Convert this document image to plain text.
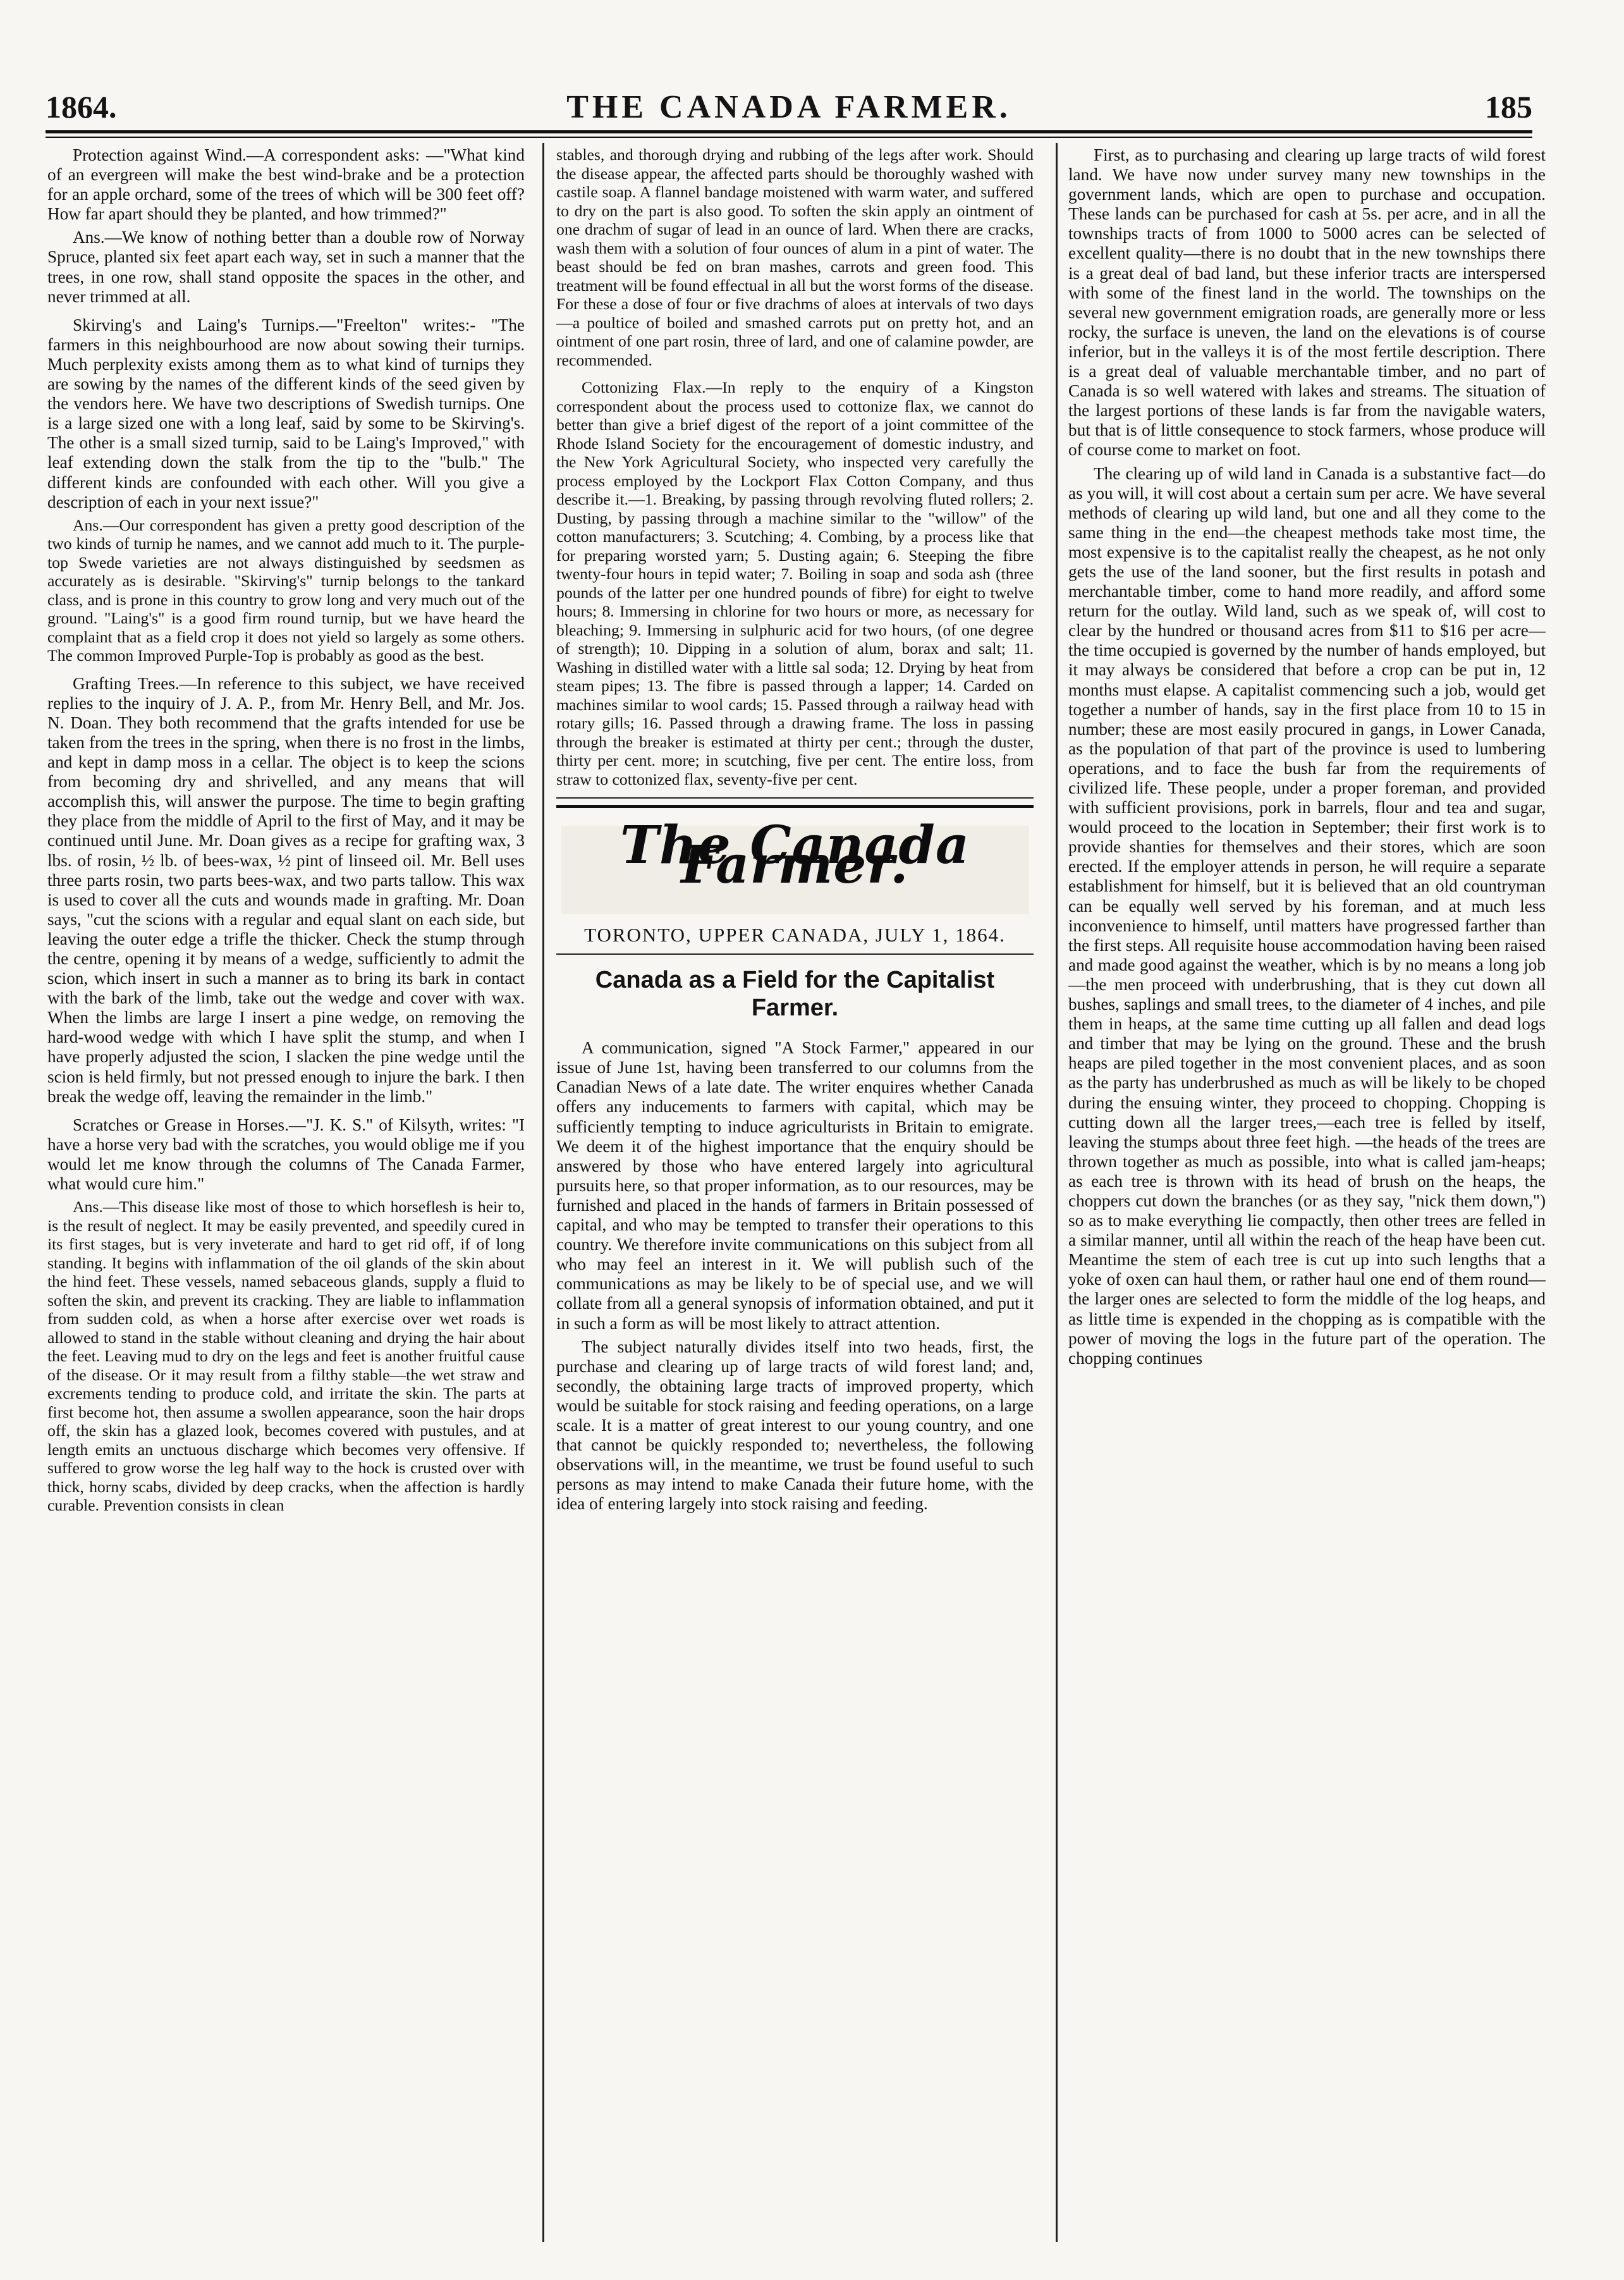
1864.	THE CANADA FARMER.	185

Protection against Wind.—A correspondent asks: —"What kind of an evergreen will make the best wind-brake and be a protection for an apple orchard, some of the trees of which will be 300 feet off? How far apart should they be planted, and how trimmed?"

Ans.—We know of nothing better than a double row of Norway Spruce, planted six feet apart each way, set in such a manner that the trees, in one row, shall stand opposite the spaces in the other, and never trimmed at all.

Skirving's and Laing's Turnips.—"Freelton" writes:- "The farmers in this neighbourhood are now about sowing their turnips. Much perplexity exists among them as to what kind of turnips they are sowing by the names of the different kinds of the seed given by the vendors here. We have two descriptions of Swedish turnips. One is a large sized one with a long leaf, said by some to be Skirving's. The other is a small sized turnip, said to be Laing's Improved," with leaf extending down the stalk from the tip to the "bulb." The different kinds are confounded with each other. Will you give a description of each in your next issue?"

Ans.—Our correspondent has given a pretty good description of the two kinds of turnip he names, and we cannot add much to it. The purple-top Swede varieties are not always distinguished by seedsmen as accurately as is desirable. "Skirving's" turnip belongs to the tankard class, and is prone in this country to grow long and very much out of the ground. "Laing's" is a good firm round turnip, but we have heard the complaint that as a field crop it does not yield so largely as some others. The common Improved Purple-Top is probably as good as the best.

Grafting Trees.—In reference to this subject, we have received replies to the inquiry of J. A. P., from Mr. Henry Bell, and Mr. Jos. N. Doan. They both recommend that the grafts intended for use be taken from the trees in the spring, when there is no frost in the limbs, and kept in damp moss in a cellar. The object is to keep the scions from becoming dry and shrivelled, and any means that will accomplish this, will answer the purpose. The time to begin grafting they place from the middle of April to the first of May, and it may be continued until June. Mr. Doan gives as a recipe for grafting wax, 3 lbs. of rosin, ½ lb. of bees-wax, ½ pint of linseed oil. Mr. Bell uses three parts rosin, two parts bees-wax, and two parts tallow. This wax is used to cover all the cuts and wounds made in grafting. Mr. Doan says, "cut the scions with a regular and equal slant on each side, but leaving the outer edge a trifle the thicker. Check the stump through the centre, opening it by means of a wedge, sufficiently to admit the scion, which insert in such a manner as to bring its bark in contact with the bark of the limb, take out the wedge and cover with wax. When the limbs are large I insert a pine wedge, on removing the hard-wood wedge with which I have split the stump, and when I have properly adjusted the scion, I slacken the pine wedge until the scion is held firmly, but not pressed enough to injure the bark. I then break the wedge off, leaving the remainder in the limb."

Scratches or Grease in Horses.—"J. K. S." of Kilsyth, writes: "I have a horse very bad with the scratches, you would oblige me if you would let me know through the columns of The Canada Farmer, what would cure him."

Ans.—This disease like most of those to which horseflesh is heir to, is the result of neglect. It may be easily prevented, and speedily cured in its first stages, but is very inveterate and hard to get rid off, if of long standing. It begins with inflammation of the oil glands of the skin about the hind feet. These vessels, named sebaceous glands, supply a fluid to soften the skin, and prevent its cracking. They are liable to inflammation from sudden cold, as when a horse after exercise over wet roads is allowed to stand in the stable without cleaning and drying the hair about the feet. Leaving mud to dry on the legs and feet is another fruitful cause of the disease. Or it may result from a filthy stable—the wet straw and excrements tending to produce cold, and irritate the skin. The parts at first become hot, then assume a swollen appearance, soon the hair drops off, the skin has a glazed look, becomes covered with pustules, and at length emits an unctuous discharge which becomes very offensive. If suffered to grow worse the leg half way to the hock is crusted over with thick, horny scabs, divided by deep cracks, when the affection is hardly curable. Prevention consists in clean

stables, and thorough drying and rubbing of the legs after work. Should the disease appear, the affected parts should be thoroughly washed with castile soap. A flannel bandage moistened with warm water, and suffered to dry on the part is also good. To soften the skin apply an ointment of one drachm of sugar of lead in an ounce of lard. When there are cracks, wash them with a solution of four ounces of alum in a pint of water. The beast should be fed on bran mashes, carrots and green food. This treatment will be found effectual in all but the worst forms of the disease. For these a dose of four or five drachms of aloes at intervals of two days—a poultice of boiled and smashed carrots put on pretty hot, and an ointment of one part rosin, three of lard, and one of calamine powder, are recommended.

Cottonizing Flax.—In reply to the enquiry of a Kingston correspondent about the process used to cottonize flax, we cannot do better than give a brief digest of the report of a joint committee of the Rhode Island Society for the encouragement of domestic industry, and the New York Agricultural Society, who inspected very carefully the process employed by the Lockport Flax Cotton Company, and thus describe it.—1. Breaking, by passing through revolving fluted rollers; 2. Dusting, by passing through a machine similar to the "willow" of the cotton manufacturers; 3. Scutching; 4. Combing, by a process like that for preparing worsted yarn; 5. Dusting again; 6. Steeping the fibre twenty-four hours in tepid water; 7. Boiling in soap and soda ash (three pounds of the latter per one hundred pounds of fibre) for eight to twelve hours; 8. Immersing in chlorine for two hours or more, as necessary for bleaching; 9. Immersing in sulphuric acid for two hours, (of one degree of strength); 10. Dipping in a solution of alum, borax and salt; 11. Washing in distilled water with a little sal soda; 12. Drying by heat from steam pipes; 13. The fibre is passed through a lapper; 14. Carded on machines similar to wool cards; 15. Passed through a railway head with rotary gills; 16. Passed through a drawing frame. The loss in passing through the breaker is estimated at thirty per cent.; through the duster, thirty per cent. more; in scutching, five per cent. The entire loss, from straw to cottonized flax, seventy-five per cent.

The Canada Farmer.
TORONTO, UPPER CANADA, JULY 1, 1864.
Canada as a Field for the Capitalist Farmer.

A communication, signed "A Stock Farmer," appeared in our issue of June 1st, having been transferred to our columns from the Canadian News of a late date. The writer enquires whether Canada offers any inducements to farmers with capital, which may be sufficiently tempting to induce agriculturists in Britain to emigrate. We deem it of the highest importance that the enquiry should be answered by those who have entered largely into agricultural pursuits here, so that proper information, as to our resources, may be furnished and placed in the hands of farmers in Britain possessed of capital, and who may be tempted to transfer their operations to this country. We therefore invite communications on this subject from all who may feel an interest in it. We will publish such of the communications as may be likely to be of special use, and we will collate from all a general synopsis of information obtained, and put it in such a form as will be most likely to attract attention.

The subject naturally divides itself into two heads, first, the purchase and clearing up of large tracts of wild forest land; and, secondly, the obtaining large tracts of improved property, which would be suitable for stock raising and feeding operations, on a large scale. It is a matter of great interest to our young country, and one that cannot be quickly responded to; nevertheless, the following observations will, in the meantime, we trust be found useful to such persons as may intend to make Canada their future home, with the idea of entering largely into stock raising and feeding.

First, as to purchasing and clearing up large tracts of wild forest land. We have now under survey many new townships in the government lands, which are open to purchase and occupation. These lands can be purchased for cash at 5s. per acre, and in all the townships tracts of from 1000 to 5000 acres can be selected of excellent quality—there is no doubt that in the new townships there is a great deal of bad land, but these inferior tracts are interspersed with some of the finest land in the world. The townships on the several new government emigration roads, are generally more or less rocky, the surface is uneven, the land on the elevations is of course inferior, but in the valleys it is of the most fertile description. There is a great deal of valuable merchantable timber, and no part of Canada is so well watered with lakes and streams. The situation of the largest portions of these lands is far from the navigable waters, but that is of little consequence to stock farmers, whose produce will of course come to market on foot.

The clearing up of wild land in Canada is a substantive fact—do as you will, it will cost about a certain sum per acre. We have several methods of clearing up wild land, but one and all they come to the same thing in the end—the cheapest methods take most time, the most expensive is to the capitalist really the cheapest, as he not only gets the use of the land sooner, but the first results in potash and merchantable timber, come to hand more readily, and afford some return for the outlay. Wild land, such as we speak of, will cost to clear by the hundred or thousand acres from $11 to $16 per acre—the time occupied is governed by the number of hands employed, but it may always be considered that before a crop can be put in, 12 months must elapse. A capitalist commencing such a job, would get together a number of hands, say in the first place from 10 to 15 in number; these are most easily procured in gangs, in Lower Canada, as the population of that part of the province is used to lumbering operations, and to face the bush far from the requirements of civilized life. These people, under a proper foreman, and provided with sufficient provisions, pork in barrels, flour and tea and sugar, would proceed to the location in September; their first work is to provide shanties for themselves and their stores, which are soon erected. If the employer attends in person, he will require a separate establishment for himself, but it is believed that an old countryman can be equally well served by his foreman, and at much less inconvenience to himself, until matters have progressed farther than the first steps. All requisite house accommodation having been raised and made good against the weather, which is by no means a long job—the men proceed with underbrushing, that is they cut down all bushes, saplings and small trees, to the diameter of 4 inches, and pile them in heaps, at the same time cutting up all fallen and dead logs and timber that may be lying on the ground. These and the brush heaps are piled together in the most convenient places, and as soon as the party has underbrushed as much as will be likely to be choped during the ensuing winter, they proceed to chopping. Chopping is cutting down all the larger trees,—each tree is felled by itself, leaving the stumps about three feet high. —the heads of the trees are thrown together as much as possible, into what is called jam-heaps; as each tree is thrown with its head of brush on the heaps, the choppers cut down the branches (or as they say, "nick them down,") so as to make everything lie compactly, then other trees are felled in a similar manner, until all within the reach of the heap have been cut. Meantime the stem of each tree is cut up into such lengths that a yoke of oxen can haul them, or rather haul one end of them round—the larger ones are selected to form the middle of the log heaps, and as little time is expended in the chopping as is compatible with the power of moving the logs in the future part of the operation. The chopping continues
